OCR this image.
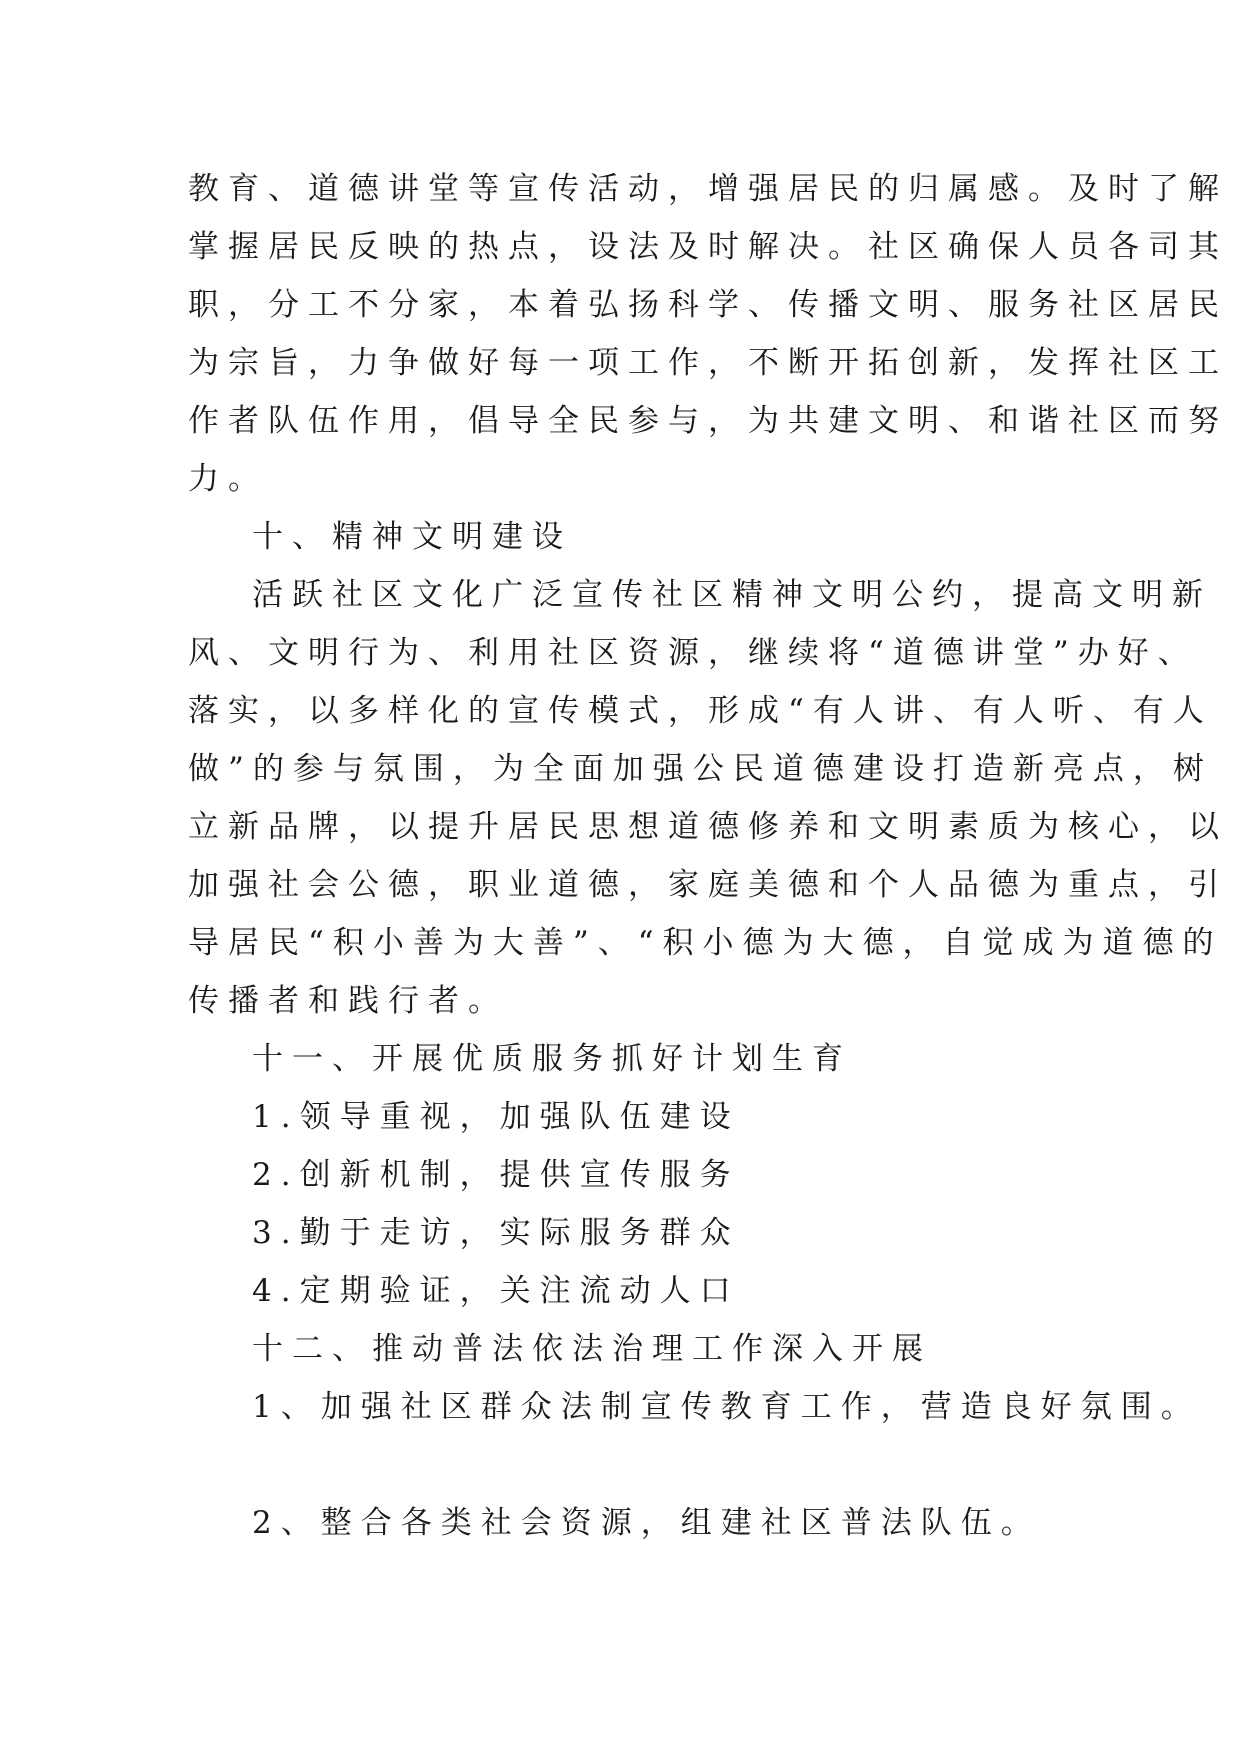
教育、道德讲堂等宣传活动，增强居民的归属感。及时了解
掌握居民反映的热点，设法及时解决。社区确保人员各司其
职，分工不分家，本着弘扬科学、传播文明、服务社区居民
为宗旨，力争做好每一项工作，不断开拓创新，发挥社区工
作者队伍作用，倡导全民参与，为共建文明、和谐社区而努
力。
十、精神文明建设
活跃社区文化广泛宣传社区精神文明公约，提高文明新
风、文明行为、利用社区资源，继续将“道德讲堂”办好、
落实，以多样化的宣传模式，形成“有人讲、有人听、有人
做”的参与氛围，为全面加强公民道德建设打造新亮点，树
立新品牌，以提升居民思想道德修养和文明素质为核心，以
加强社会公德，职业道德，家庭美德和个人品德为重点，引
导居民“积小善为大善”、“积小德为大德，自觉成为道德的
传播者和践行者。
十一、开展优质服务抓好计划生育
1.领导重视，加强队伍建设
2.创新机制，提供宣传服务
3.勤于走访，实际服务群众
4.定期验证，关注流动人口
十二、推动普法依法治理工作深入开展
1、加强社区群众法制宣传教育工作，营造良好氛围。
2、整合各类社会资源，组建社区普法队伍。
